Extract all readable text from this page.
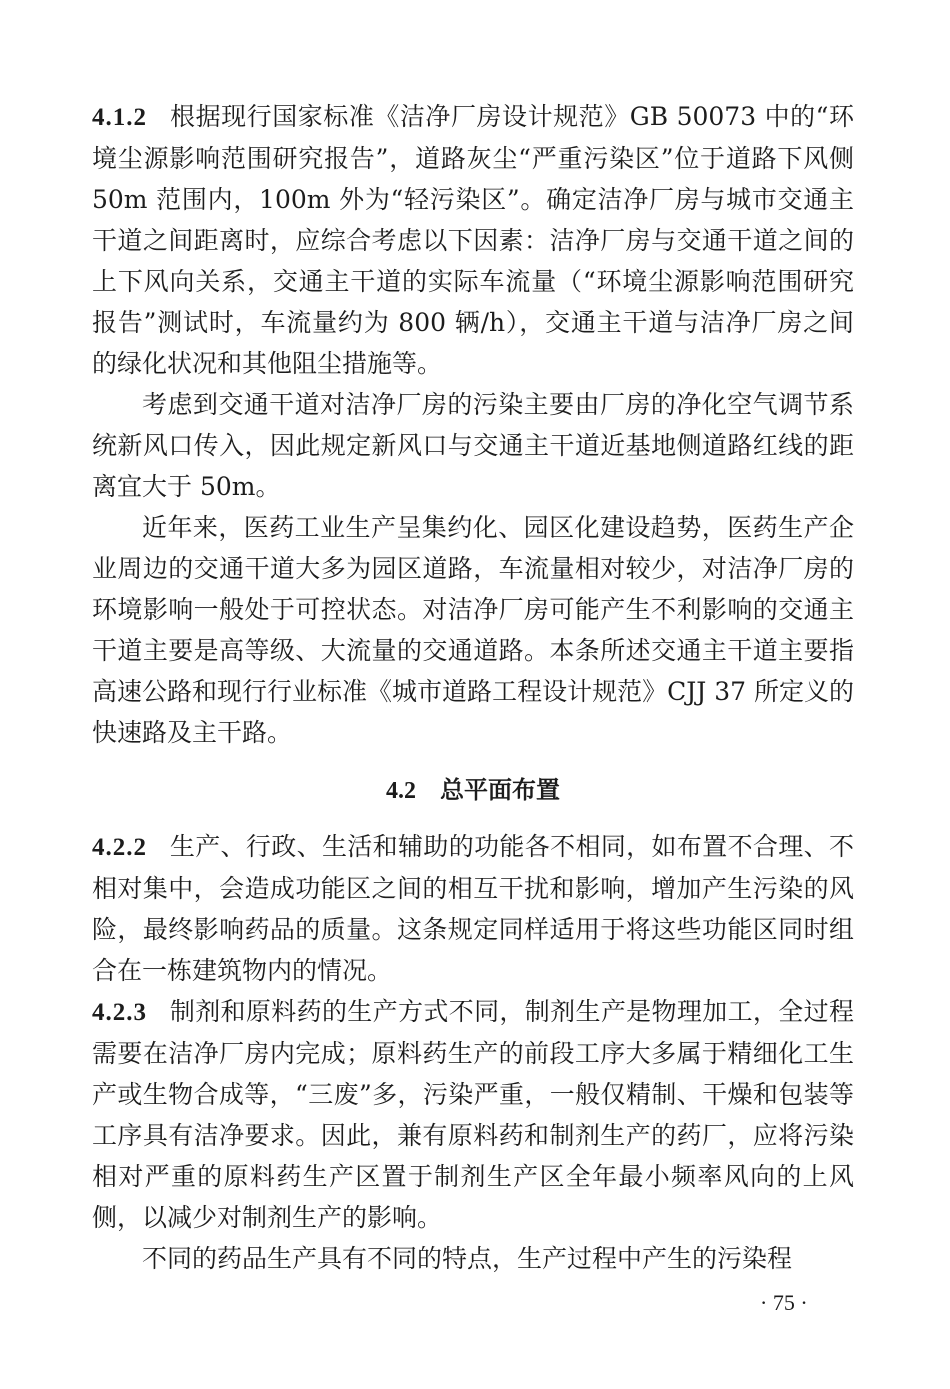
4.1.2 根据现行国家标准《洁净厂房设计规范》GB 50073 中的“环境尘源影响范围研究报告”，道路灰尘“严重污染区”位于道路下风侧 50m 范围内，100m 外为“轻污染区”。确定洁净厂房与城市交通主干道之间距离时，应综合考虑以下因素：洁净厂房与交通干道之间的上下风向关系，交通主干道的实际车流量（“环境尘源影响范围研究报告”测试时，车流量约为 800 辆/h），交通主干道与洁净厂房之间的绿化状况和其他阻尘措施等。

考虑到交通干道对洁净厂房的污染主要由厂房的净化空气调节系统新风口传入，因此规定新风口与交通主干道近基地侧道路红线的距离宜大于 50m。

近年来，医药工业生产呈集约化、园区化建设趋势，医药生产企业周边的交通干道大多为园区道路，车流量相对较少，对洁净厂房的环境影响一般处于可控状态。对洁净厂房可能产生不利影响的交通主干道主要是高等级、大流量的交通道路。本条所述交通主干道主要指高速公路和现行行业标准《城市道路工程设计规范》CJJ 37 所定义的快速路及主干路。

4.2 总平面布置

4.2.2 生产、行政、生活和辅助的功能各不相同，如布置不合理、不相对集中，会造成功能区之间的相互干扰和影响，增加产生污染的风险，最终影响药品的质量。这条规定同样适用于将这些功能区同时组合在一栋建筑物内的情况。

4.2.3 制剂和原料药的生产方式不同，制剂生产是物理加工，全过程需要在洁净厂房内完成；原料药生产的前段工序大多属于精细化工生产或生物合成等，“三废”多，污染严重，一般仅精制、干燥和包装等工序具有洁净要求。因此，兼有原料药和制剂生产的药厂，应将污染相对严重的原料药生产区置于制剂生产区全年最小频率风向的上风侧，以减少对制剂生产的影响。

不同的药品生产具有不同的特点，生产过程中产生的污染程

· 75 ·
